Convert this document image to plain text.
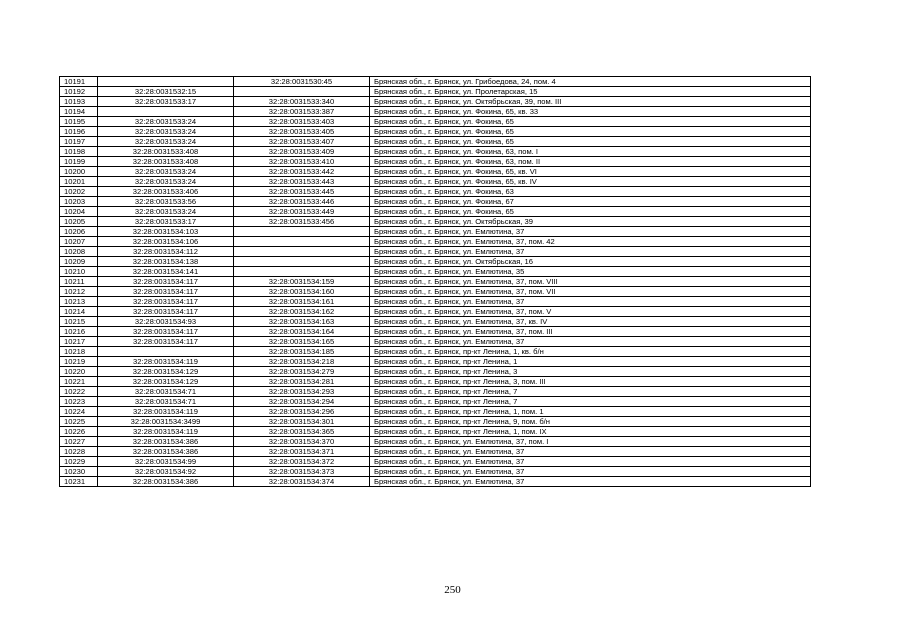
10191		32:28:0031530:45	Брянская обл., г. Брянск, ул. Грибоедова, 24, пом. 4
10192	32:28:0031532:15		Брянская обл., г. Брянск, ул. Пролетарская, 15
10193	32:28:0031533:17	32:28:0031533:340	Брянская обл., г. Брянск, ул. Октябрьская, 39, пом. III
10194		32:28:0031533:387	Брянская обл., г. Брянск, ул. Фокина, 65, кв. 33
10195	32:28:0031533:24	32:28:0031533:403	Брянская обл., г. Брянск, ул. Фокина, 65
10196	32:28:0031533:24	32:28:0031533:405	Брянская обл., г. Брянск, ул. Фокина, 65
10197	32:28:0031533:24	32:28:0031533:407	Брянская обл., г. Брянск, ул. Фокина, 65
10198	32:28:0031533:408	32:28:0031533:409	Брянская обл., г. Брянск, ул. Фокина, 63, пом. I
10199	32:28:0031533:408	32:28:0031533:410	Брянская обл., г. Брянск, ул. Фокина, 63, пом. II
10200	32:28:0031533:24	32:28:0031533:442	Брянская обл., г. Брянск, ул. Фокина, 65, кв. VI
10201	32:28:0031533:24	32:28:0031533:443	Брянская обл., г. Брянск, ул. Фокина, 65, кв. IV
10202	32:28:0031533:406	32:28:0031533:445	Брянская обл., г. Брянск, ул. Фокина, 63
10203	32:28:0031533:56	32:28:0031533:446	Брянская обл., г. Брянск, ул. Фокина, 67
10204	32:28:0031533:24	32:28:0031533:449	Брянская обл., г. Брянск, ул. Фокина, 65
10205	32:28:0031533:17	32:28:0031533:456	Брянская обл., г. Брянск, ул. Октябрьская, 39
10206	32:28:0031534:103		Брянская обл., г. Брянск, ул. Емлютина, 37
10207	32:28:0031534:106		Брянская обл., г. Брянск, ул. Емлютина, 37, пом. 42
10208	32:28:0031534:112		Брянская обл., г. Брянск, ул. Емлютина, 37
10209	32:28:0031534:138		Брянская обл., г. Брянск, ул. Октябрьская, 16
10210	32:28:0031534:141		Брянская обл., г. Брянск, ул. Емлютина, 35
10211	32:28:0031534:117	32:28:0031534:159	Брянская обл., г. Брянск, ул. Емлютина, 37, пом. VIII
10212	32:28:0031534:117	32:28:0031534:160	Брянская обл., г. Брянск, ул. Емлютина, 37, пом. VII
10213	32:28:0031534:117	32:28:0031534:161	Брянская обл., г. Брянск, ул. Емлютина, 37
10214	32:28:0031534:117	32:28:0031534:162	Брянская обл., г. Брянск, ул. Емлютина, 37, пом. V
10215	32:28:0031534:93	32:28:0031534:163	Брянская обл., г. Брянск, ул. Емлютина, 37, кв. IV
10216	32:28:0031534:117	32:28:0031534:164	Брянская обл., г. Брянск, ул. Емлютина, 37, пом. III
10217	32:28:0031534:117	32:28:0031534:165	Брянская обл., г. Брянск, ул. Емлютина, 37
10218		32:28:0031534:185	Брянская обл., г. Брянск, пр-кт Ленина, 1, кв. б/н
10219	32:28:0031534:119	32:28:0031534:218	Брянская обл., г. Брянск, пр-кт Ленина, 1
10220	32:28:0031534:129	32:28:0031534:279	Брянская обл., г. Брянск, пр-кт Ленина, 3
10221	32:28:0031534:129	32:28:0031534:281	Брянская обл., г. Брянск, пр-кт Ленина, 3, пом. III
10222	32:28:0031534:71	32:28:0031534:293	Брянская обл., г. Брянск, пр-кт Ленина, 7
10223	32:28:0031534:71	32:28:0031534:294	Брянская обл., г. Брянск, пр-кт Ленина, 7
10224	32:28:0031534:119	32:28:0031534:296	Брянская обл., г. Брянск, пр-кт Ленина, 1, пом. 1
10225	32:28:0031534:3499	32:28:0031534:301	Брянская обл., г. Брянск, пр-кт Ленина, 9, пом. б/н
10226	32:28:0031534:119	32:28:0031534:365	Брянская обл., г. Брянск, пр-кт Ленина, 1, пом. IX
10227	32:28:0031534:386	32:28:0031534:370	Брянская обл., г. Брянск, ул. Емлютина, 37, пом. I
10228	32:28:0031534:386	32:28:0031534:371	Брянская обл., г. Брянск, ул. Емлютина, 37
10229	32:28:0031534:99	32:28:0031534:372	Брянская обл., г. Брянск, ул. Емлютина, 37
10230	32:28:0031534:92	32:28:0031534:373	Брянская обл., г. Брянск, ул. Емлютина, 37
10231	32:28:0031534:386	32:28:0031534:374	Брянская обл., г. Брянск, ул. Емлютина, 37
250
